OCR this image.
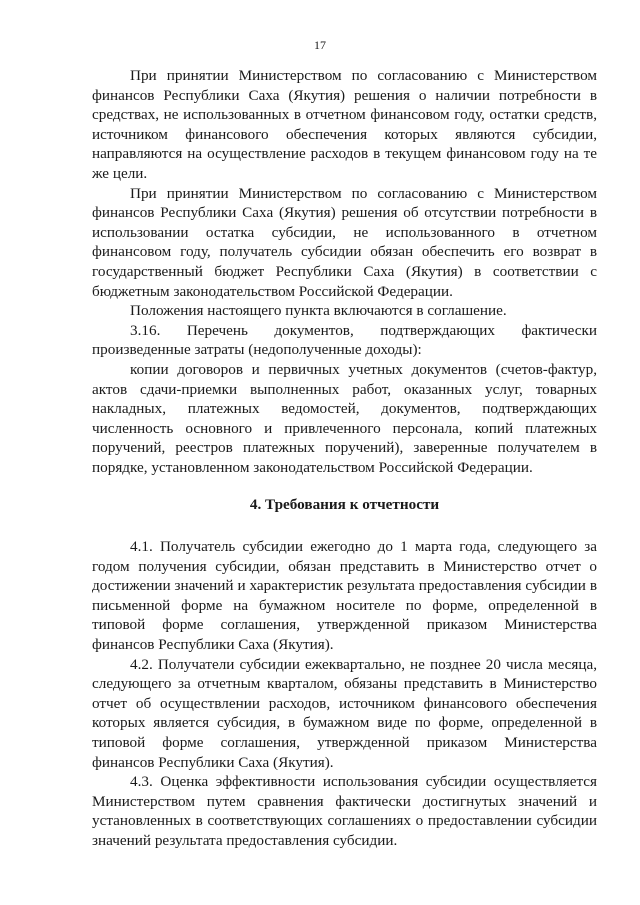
17

При принятии Министерством по согласованию с Министерством финансов Республики Саха (Якутия) решения о наличии потребности в средствах, не использованных в отчетном финансовом году, остатки средств, источником финансового обеспечения которых являются субсидии, направляются на осуществление расходов в текущем финансовом году на те же цели.

При принятии Министерством по согласованию с Министерством финансов Республики Саха (Якутия) решения об отсутствии потребности в использовании остатка субсидии, не использованного в отчетном финансовом году, получатель субсидии обязан обеспечить его возврат в государственный бюджет Республики Саха (Якутия) в соответствии с бюджетным законодательством Российской Федерации.

Положения настоящего пункта включаются в соглашение.

3.16. Перечень документов, подтверждающих фактически произведенные затраты (недополученные доходы):

копии договоров и первичных учетных документов (счетов-фактур, актов сдачи-приемки выполненных работ, оказанных услуг, товарных накладных, платежных ведомостей, документов, подтверждающих численность основного и привлеченного персонала, копий платежных поручений, реестров платежных поручений), заверенные получателем в порядке, установленном законодательством Российской Федерации.

4. Требования к отчетности

4.1. Получатель субсидии ежегодно до 1 марта года, следующего за годом получения субсидии, обязан представить в Министерство отчет о достижении значений и характеристик результата предоставления субсидии в письменной форме на бумажном носителе по форме, определенной в типовой форме соглашения, утвержденной приказом Министерства финансов Республики Саха (Якутия).

4.2. Получатели субсидии ежеквартально, не позднее 20 числа месяца, следующего за отчетным кварталом, обязаны представить в Министерство отчет об осуществлении расходов, источником финансового обеспечения которых является субсидия, в бумажном виде по форме, определенной в типовой форме соглашения, утвержденной приказом Министерства финансов Республики Саха (Якутия).

4.3. Оценка эффективности использования субсидии осуществляется Министерством путем сравнения фактически достигнутых значений и установленных в соответствующих соглашениях о предоставлении субсидии значений результата предоставления субсидии.
